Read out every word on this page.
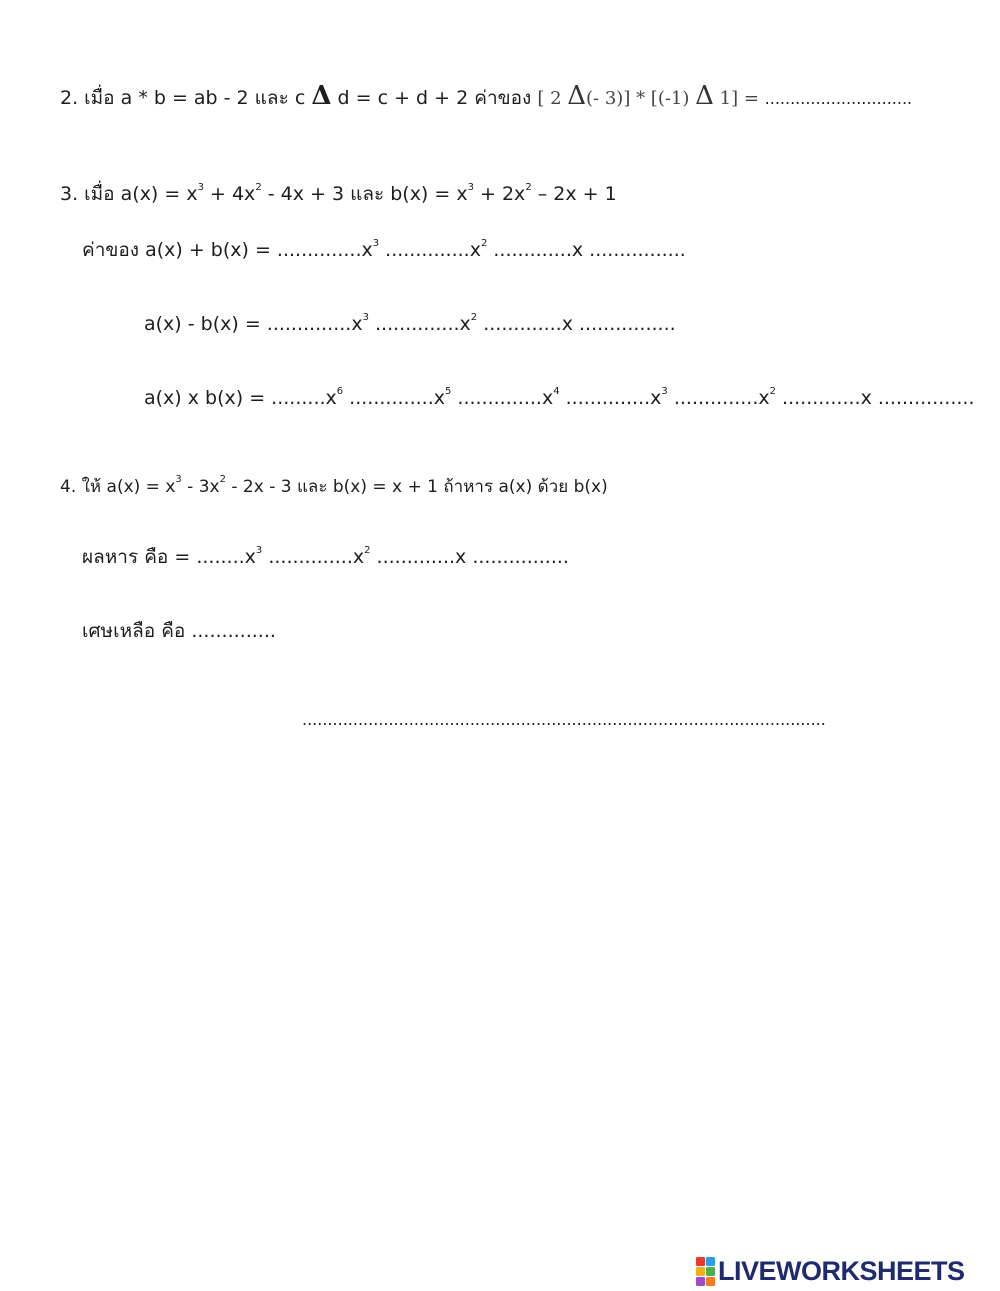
2. เมื่อ a * b = ab - 2 และ c Δ d = c + d + 2 ค่าของ [ 2 Δ(- 3)] * [(-1) Δ 1] = .............................
3. เมื่อ $a(x) = x^3 + 4x^2 - 4x + 3$ และ $b(x) = x^3 + 2x^2 - 2x + 1$
ค่าของ $a(x) + b(x) = ..............x^3$ $..............x^2$ .............x ................
$a(x) - b(x) = ..............x^3$ $..............x^2$ .............x ................
a(x) x $b(x) = .........x^6$ $..............x^5$ $..............x^4$ $..............x^3$ $..............x^2$ .............x ................
4. ให้ $a(x) = x^3 - 3x^2 - 2x - 3$ และ b(x) = x + 1 ถ้าหาร a(x) ด้วย b(x)
ผลหาร คือ = $........x^3$ $..............x^2$ .............x ................
เศษเหลือ คือ ..............
.......................................................................................................
LIVEWORKSHEETS
